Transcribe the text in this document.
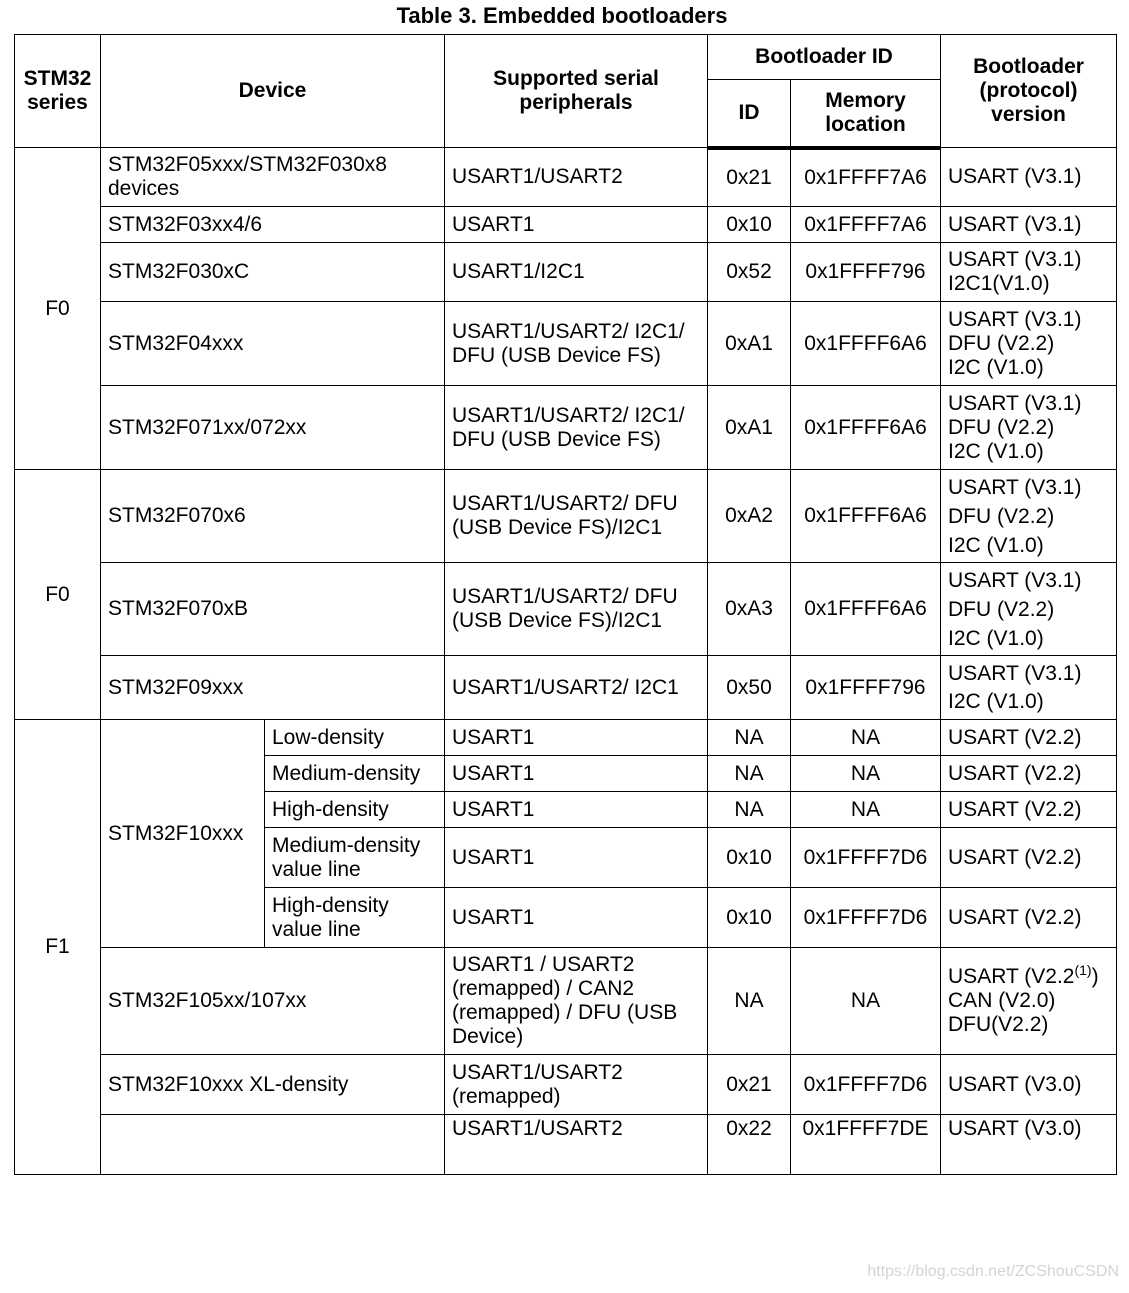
Table 3. Embedded bootloaders
STM32 series	Device		Supported serial peripherals	Bootloader ID		Bootloader (protocol) version
				ID	Memory location	
F0	STM32F05xxx/STM32F030x8 devices		USART1/USART2	0x21	0x1FFFF7A6	USART (V3.1)
	STM32F03xx4/6		USART1	0x10	0x1FFFF7A6	USART (V3.1)
	STM32F030xC		USART1/I2C1	0x52	0x1FFFF796	USART (V3.1)
I2C1(V1.0)
	STM32F04xxx		USART1/USART2/ I2C1/
DFU (USB Device FS)	0xA1	0x1FFFF6A6	USART (V3.1)
DFU (V2.2)
I2C (V1.0)
	STM32F071xx/072xx		USART1/USART2/ I2C1/
DFU (USB Device FS)	0xA1	0x1FFFF6A6	USART (V3.1)
DFU (V2.2)
I2C (V1.0)
F0	STM32F070x6		USART1/USART2/ DFU
(USB Device FS)/I2C1	0xA2	0x1FFFF6A6	USART (V3.1)
DFU (V2.2)
I2C (V1.0)
	STM32F070xB		USART1/USART2/ DFU
(USB Device FS)/I2C1	0xA3	0x1FFFF6A6	USART (V3.1)
DFU (V2.2)
I2C (V1.0)
	STM32F09xxx		USART1/USART2/ I2C1	0x50	0x1FFFF796	USART (V3.1)
I2C (V1.0)
F1	STM32F10xxx	Low-density	USART1	NA	NA	USART (V2.2)
		Medium-density	USART1	NA	NA	USART (V2.2)
		High-density	USART1	NA	NA	USART (V2.2)
		Medium-density
value line	USART1	0x10	0x1FFFF7D6	USART (V2.2)
		High-density
value line	USART1	0x10	0x1FFFF7D6	USART (V2.2)
	STM32F105xx/107xx		USART1 / USART2
(remapped) / CAN2
(remapped) / DFU (USB
Device)	NA	NA	USART (V2.2$^{(1)}$)
CAN (V2.0)
DFU(V2.2)
	STM32F10xxx XL-density		USART1/USART2
(remapped)	0x21	0x1FFFF7D6	USART (V3.0)
			USART1/USART2	0x22	0x1FFFF7DE	USART (V3.0)
https://blog.csdn.net/ZCShouCSDN
